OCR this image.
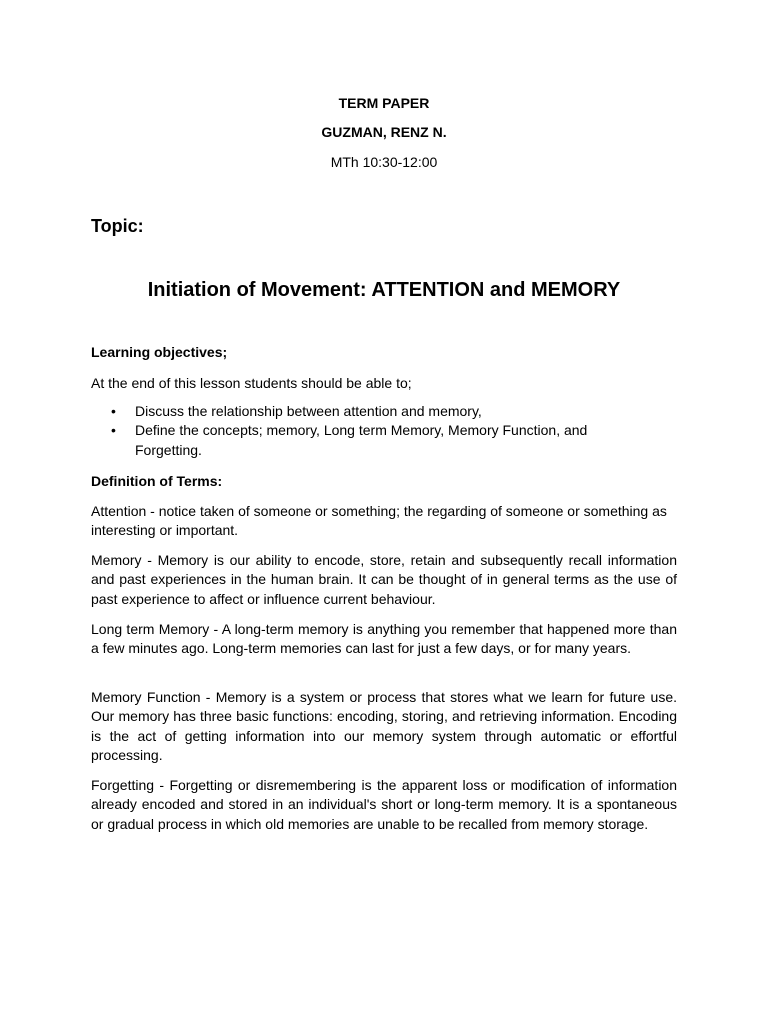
TERM PAPER
GUZMAN, RENZ N.
MTh 10:30-12:00
Topic:
Initiation of Movement: ATTENTION and MEMORY
Learning objectives;
At the end of this lesson students should be able to;
• Discuss the relationship between attention and memory,
• Define the concepts; memory, Long term Memory, Memory Function, and Forgetting.
Definition of Terms:
Attention - notice taken of someone or something; the regarding of someone or something as interesting or important.
Memory - Memory is our ability to encode, store, retain and subsequently recall information and past experiences in the human brain. It can be thought of in general terms as the use of past experience to affect or influence current behaviour.
Long term Memory - A long-term memory is anything you remember that happened more than a few minutes ago. Long-term memories can last for just a few days, or for many years.
Memory Function - Memory is a system or process that stores what we learn for future use. Our memory has three basic functions: encoding, storing, and retrieving information. Encoding is the act of getting information into our memory system through automatic or effortful processing.
Forgetting - Forgetting or disremembering is the apparent loss or modification of information already encoded and stored in an individual's short or long-term memory. It is a spontaneous or gradual process in which old memories are unable to be recalled from memory storage.
